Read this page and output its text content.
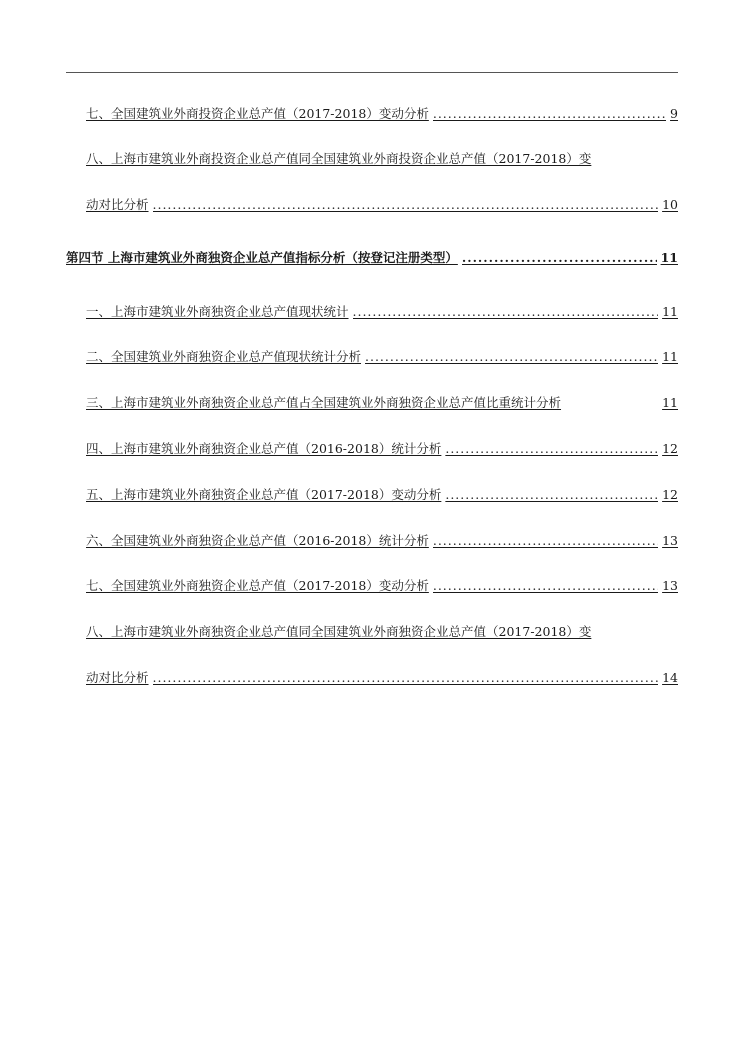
七、全国建筑业外商投资企业总产值（2017-2018）变动分析 .....	9
八、上海市建筑业外商投资企业总产值同全国建筑业外商投资企业总产值（2017-2018）变
动对比分析 .....	10
第四节 上海市建筑业外商独资企业总产值指标分析（按登记注册类型） .....	11
一、上海市建筑业外商独资企业总产值现状统计 .....	11
二、全国建筑业外商独资企业总产值现状统计分析 .....	11
三、上海市建筑业外商独资企业总产值占全国建筑业外商独资企业总产值比重统计分析	11
四、上海市建筑业外商独资企业总产值（2016-2018）统计分析 .....	12
五、上海市建筑业外商独资企业总产值（2017-2018）变动分析 .....	12
六、全国建筑业外商独资企业总产值（2016-2018）统计分析 .....	13
七、全国建筑业外商独资企业总产值（2017-2018）变动分析 .....	13
八、上海市建筑业外商独资企业总产值同全国建筑业外商独资企业总产值（2017-2018）变
动对比分析 .....	14
